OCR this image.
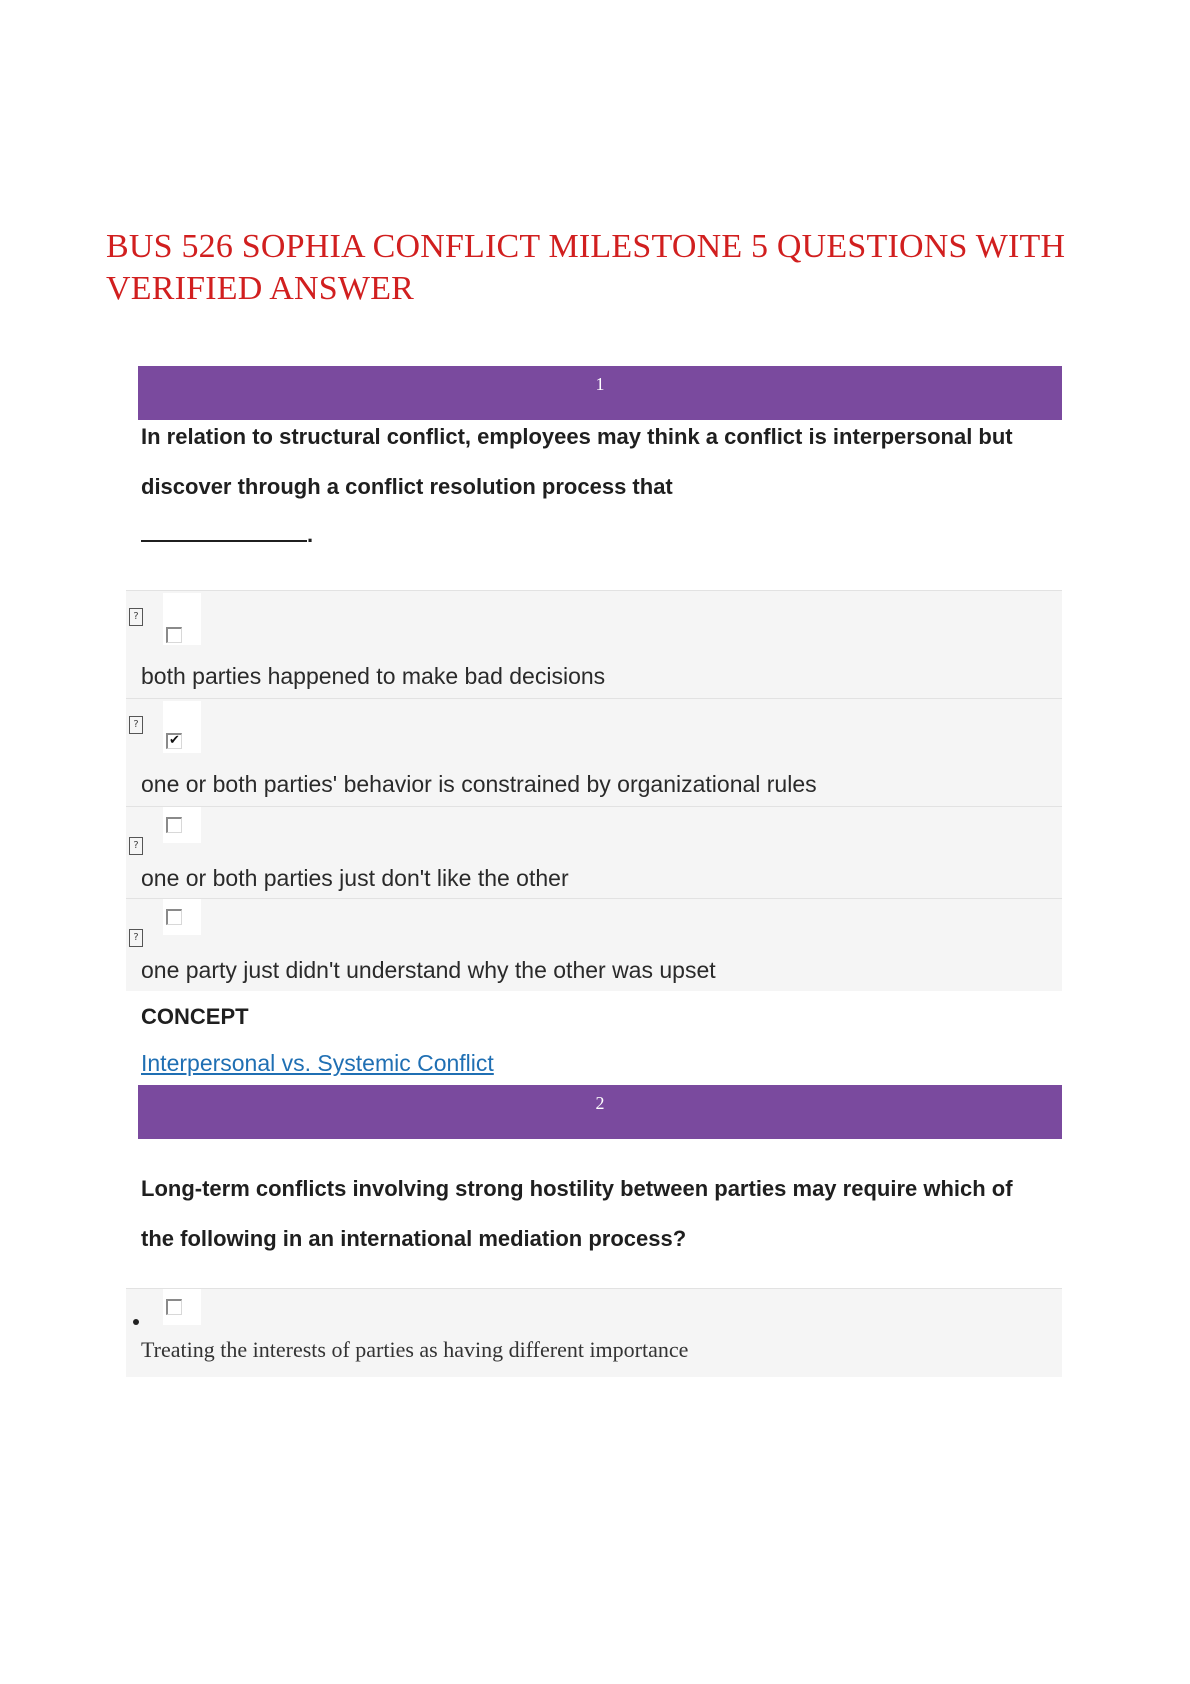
BUS 526 SOPHIA CONFLICT MILESTONE 5 QUESTIONS WITH VERIFIED ANSWER
1

In relation to structural conflict, employees may think a conflict is interpersonal but

discover through a conflict resolution process that

.
?
both parties happened to make bad decisions
?
✔
one or both parties' behavior is constrained by organizational rules
?
one or both parties just don't like the other
?
one party just didn't understand why the other was upset
CONCEPT
Interpersonal vs. Systemic Conflict
2

Long-term conflicts involving strong hostility between parties may require which of

the following in an international mediation process?

Treating the interests of parties as having different importance
